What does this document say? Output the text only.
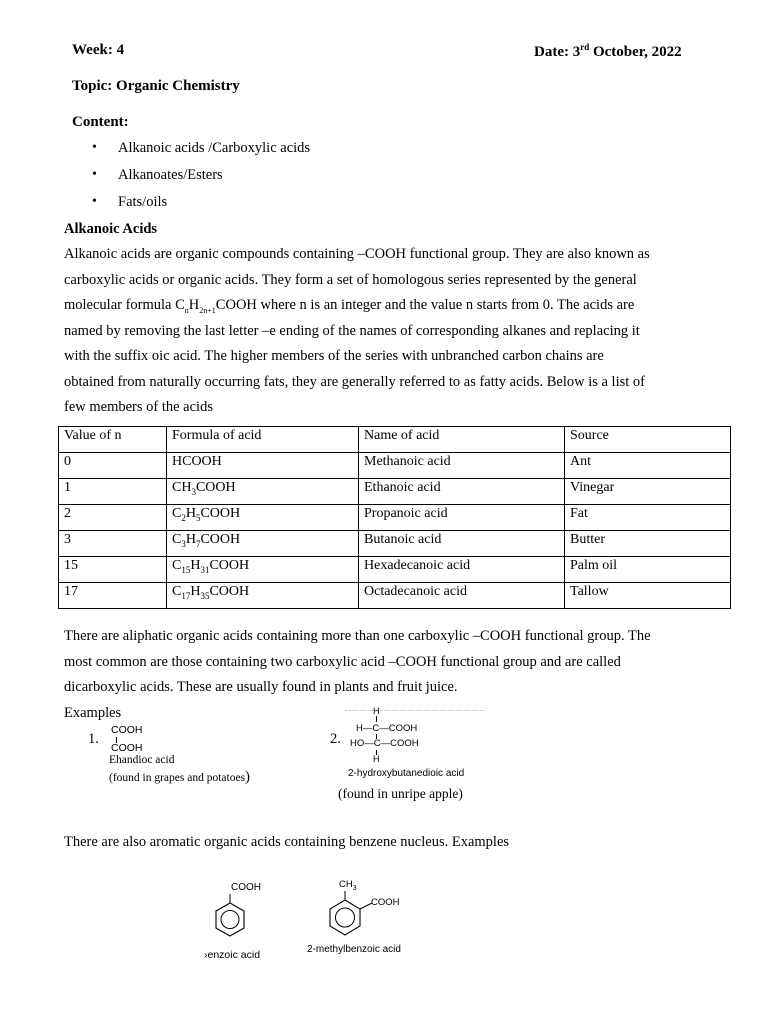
Week: 4	Date: 3rd October, 2022
Topic: Organic Chemistry
Content:
• Alkanoic acids /Carboxylic acids
• Alkanoates/Esters
• Fats/oils
Alkanoic Acids
Alkanoic acids are organic compounds containing –COOH functional group. They are also known as
carboxylic acids or organic acids. They form a set of homologous series represented by the general
molecular formula $C_nH_{2n+1}COOH$ where n is an integer and the value n starts from 0. The acids are
named by removing the last letter –e ending of the names of corresponding alkanes and replacing it
with the suffix oic acid. The higher members of the series with unbranched carbon chains are
obtained from naturally occurring fats, they are generally referred to as fatty acids. Below is a list of
few members of the acids
Value of n	Formula of acid	Name of acid	Source
0	HCOOH	Methanoic acid	Ant
1	$CH_3COOH$	Ethanoic acid	Vinegar
2	$C_2H_5COOH$	Propanoic acid	Fat
3	$C_3H_7COOH$	Butanoic acid	Butter
15	$C_{15}H_{31}COOH$	Hexadecanoic acid	Palm oil
17	$C_{17}H_{35}COOH$	Octadecanoic acid	Tallow
There are aliphatic organic acids containing more than one carboxylic –COOH functional group. The
most common are those containing two carboxylic acid –COOH functional group and are called
dicarboxylic acids. These are usually found in plants and fruit juice.
Examples
1.
COOH
COOH
Ehandioc acid
(found in grapes and potatoes)
2.
H
H—C—COOH
HO—C—COOH
H
2-hydroxybutanedioic acid
(found in unripe apple)
There are also aromatic organic acids containing benzene nucleus. Examples
COOH
›enzoic acid
$CH_3$
COOH
2-methylbenzoic acid
